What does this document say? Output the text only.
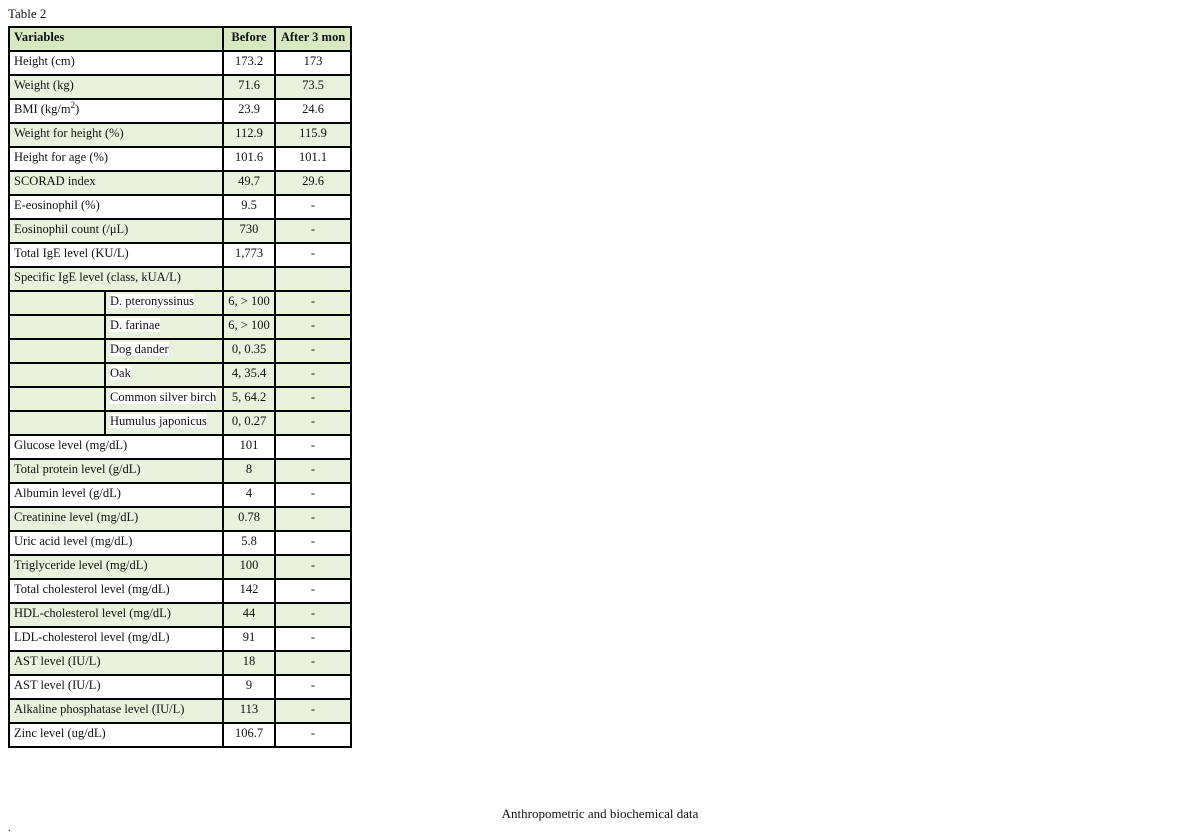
Table 2
Variables		Before	After 3 mon
Height (cm)		173.2	173
Weight (kg)		71.6	73.5
BMI $(kg/m^2)$		23.9	24.6
Weight for height (%)		112.9	115.9
Height for age (%)		101.6	101.1
SCORAD index		49.7	29.6
E-eosinophil (%)		9.5	-
Eosinophil count (/μL)		730	-
Total IgE level (KU/L)		1,773	-
Specific IgE level (class, kUA/L)			
	D. pteronyssinus	6, > 100	-
	D. farinae	6, > 100	-
	Dog dander	0, 0.35	-
	Oak	4, 35.4	-
	Common silver birch	5, 64.2	-
	Humulus japonicus	0, 0.27	-
Glucose level (mg/dL)		101	-
Total protein level (g/dL)		8	-
Albumin level (g/dL)		4	-
Creatinine level (mg/dL)		0.78	-
Uric acid level (mg/dL)		5.8	-
Triglyceride level (mg/dL)		100	-
Total cholesterol level (mg/dL)		142	-
HDL-cholesterol level (mg/dL)		44	-
LDL-cholesterol level (mg/dL)		91	-
AST level (IU/L)		18	-
AST level (IU/L)		9	-
Alkaline phosphatase level (IU/L)		113	-
Zinc level (ug/dL)		106.7	-
Anthropometric and biochemical data
.
